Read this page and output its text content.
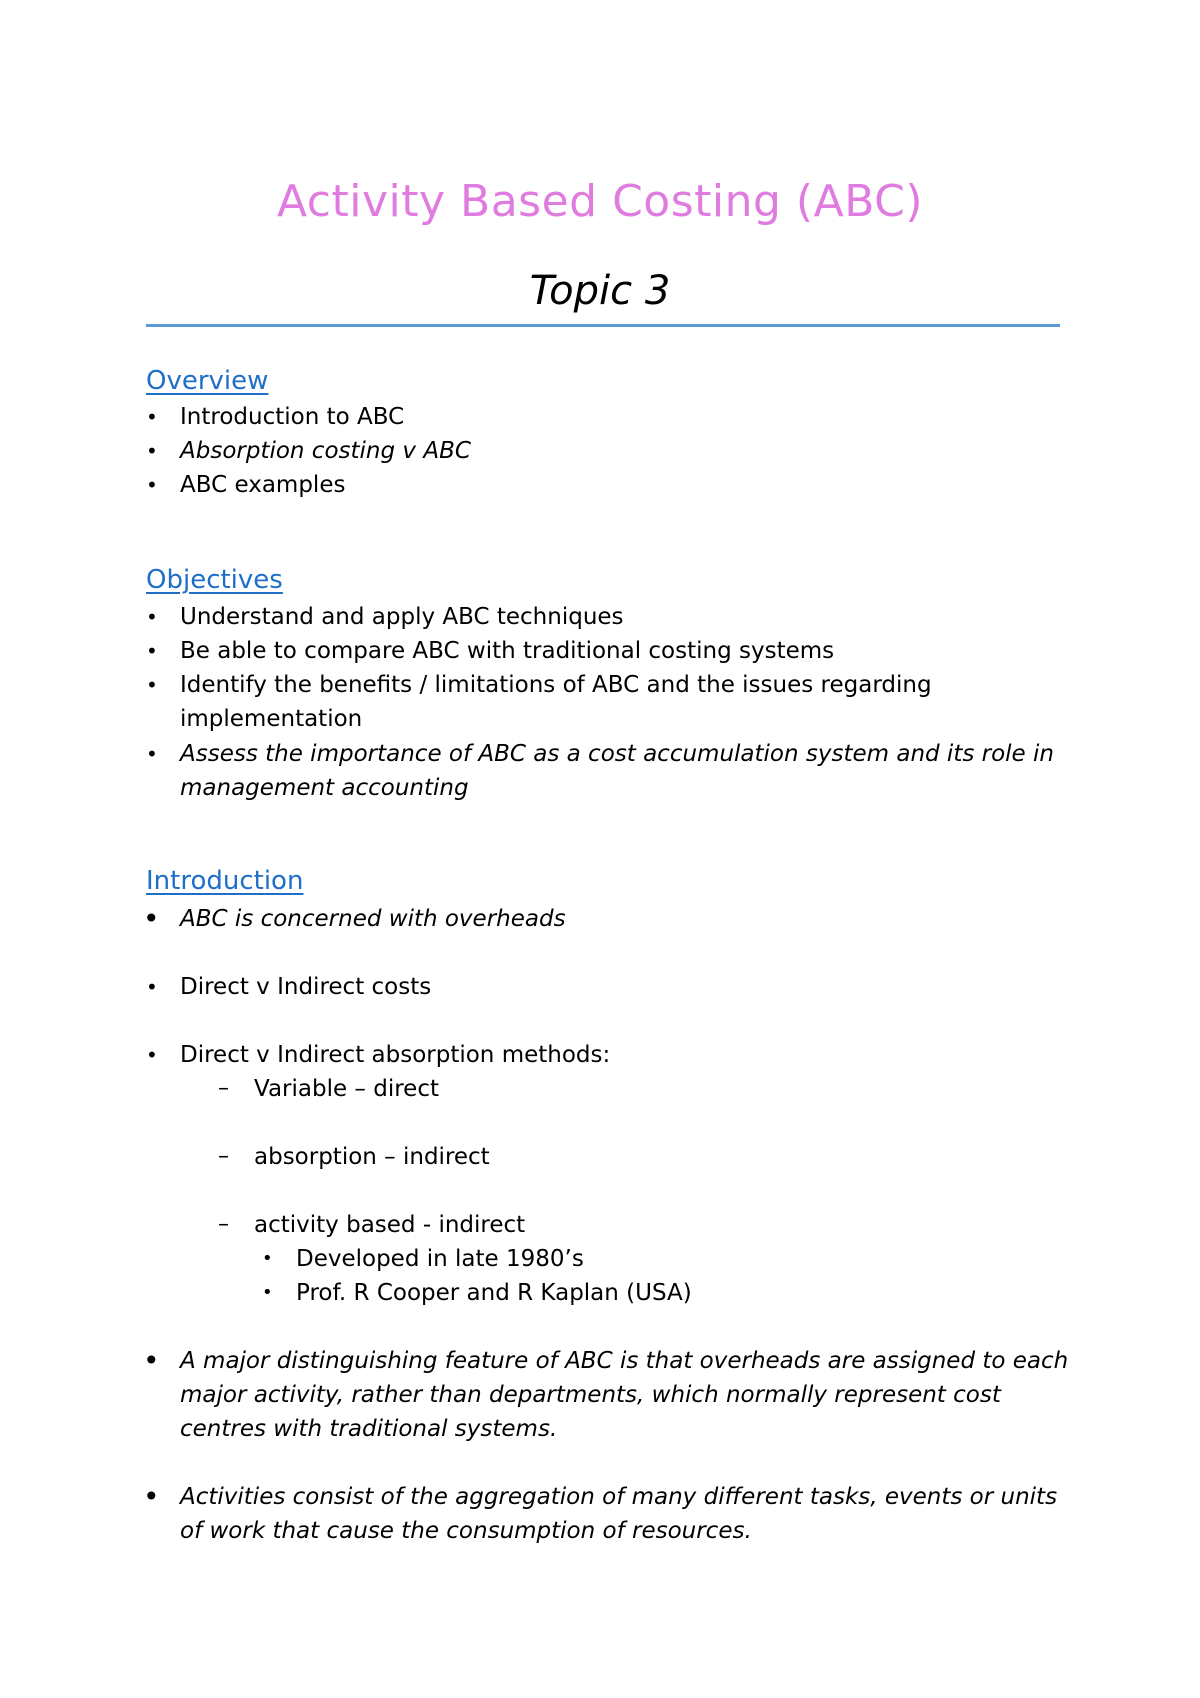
Activity Based Costing (ABC)
Topic 3
Overview
• Introduction to ABC
• Absorption costing v ABC
• ABC examples
Objectives
• Understand and apply ABC techniques
• Be able to compare ABC with traditional costing systems
• Identify the benefits / limitations of ABC and the issues regarding implementation
• Assess the importance of ABC as a cost accumulation system and its role in management accounting
Introduction
• ABC is concerned with overheads
• Direct v Indirect costs
• Direct v Indirect absorption methods:
– Variable – direct
– absorption – indirect
– activity based - indirect
• Developed in late 1980’s
• Prof. R Cooper and R Kaplan (USA)
• A major distinguishing feature of ABC is that overheads are assigned to each major activity, rather than departments, which normally represent cost centres with traditional systems.
• Activities consist of the aggregation of many different tasks, events or units of work that cause the consumption of resources.
